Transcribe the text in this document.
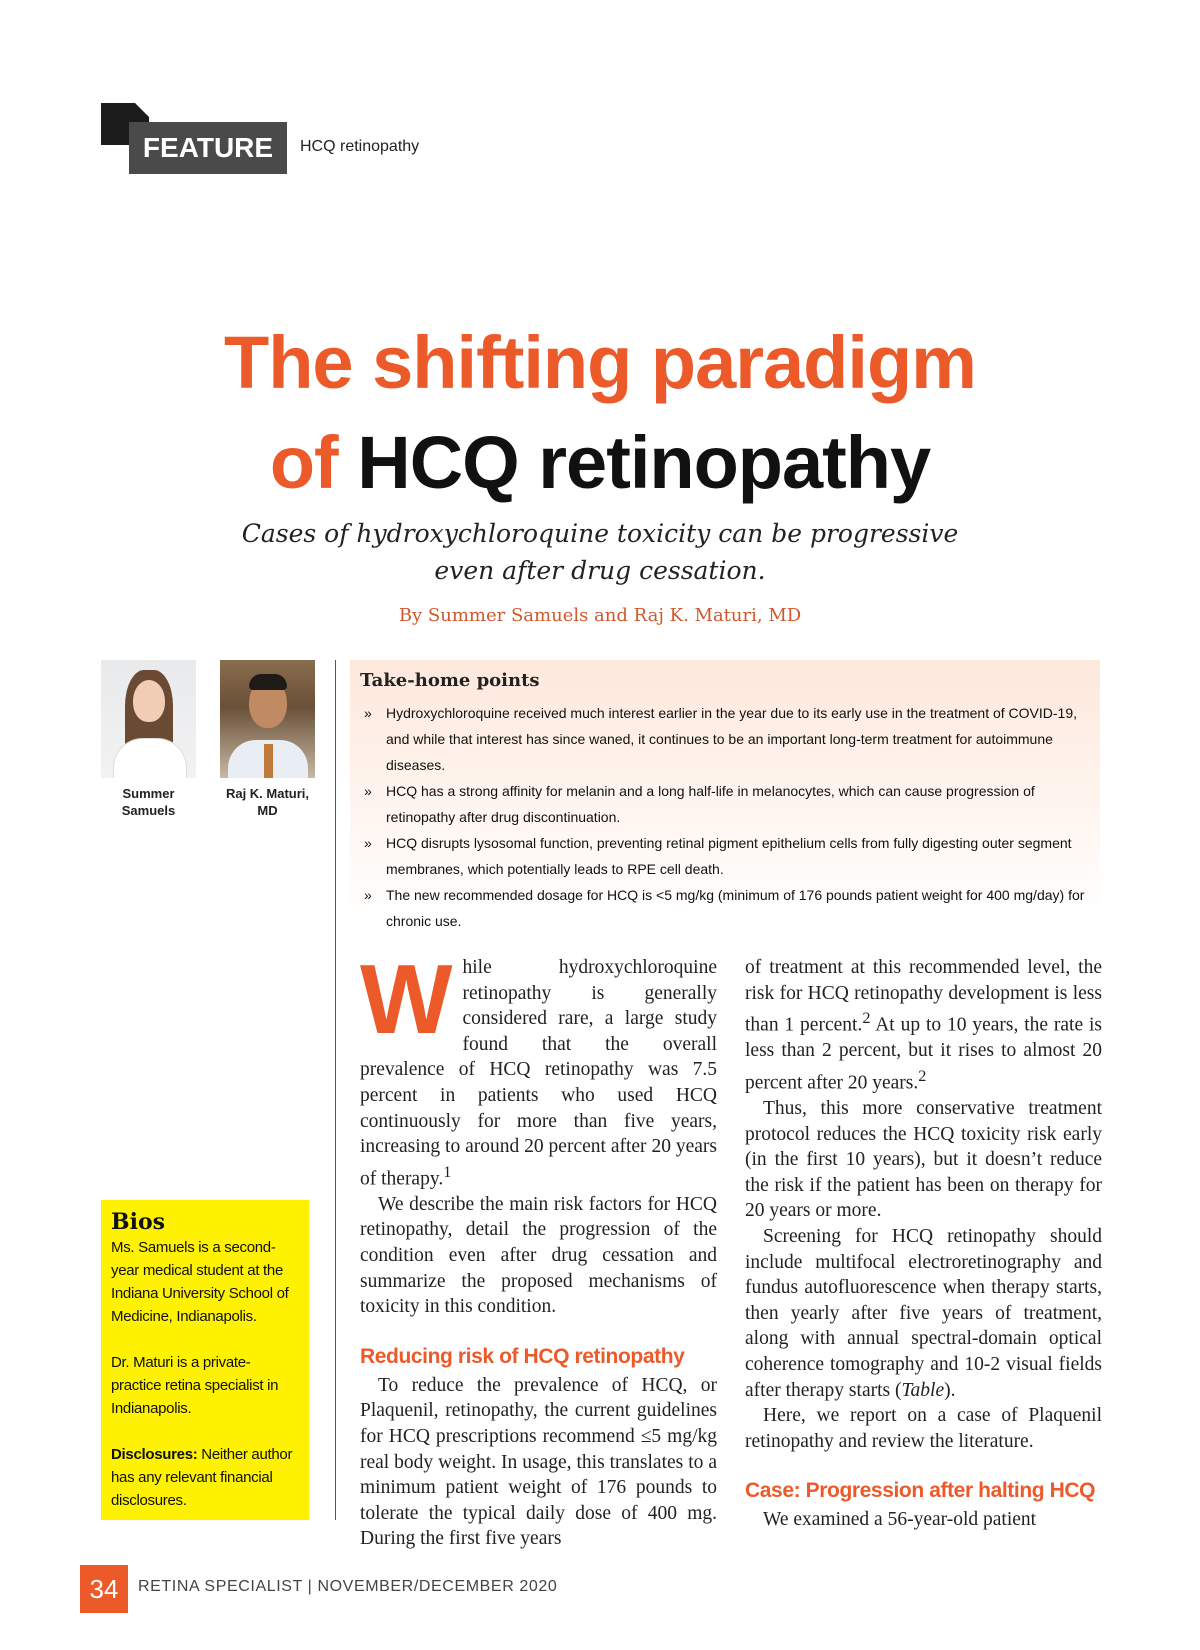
FEATURE	HCQ retinopathy
The shifting paradigm
of HCQ retinopathy
Cases of hydroxychloroquine toxicity can be progressive
even after drug cessation.
By Summer Samuels and Raj K. Maturi, MD
Summer
Samuels
Raj K. Maturi,
MD
Take-home points
» Hydroxychloroquine received much interest earlier in the year due to its early use in the treatment of COVID-19, and while that interest has since waned, it continues to be an important long-term treatment for autoimmune diseases.
» HCQ has a strong affinity for melanin and a long half-life in melanocytes, which can cause progression of retinopathy after drug discontinuation.
» HCQ disrupts lysosomal function, preventing retinal pigment epithelium cells from fully digesting outer segment membranes, which potentially leads to RPE cell death.
» The new recommended dosage for HCQ is <5 mg/kg (minimum of 176 pounds patient weight for 400 mg/day) for chronic use.
Bios

Ms. Samuels is a second-year medical student at the Indiana University School of Medicine, Indianapolis.

Dr. Maturi is a private-practice retina specialist in Indianapolis.

Disclosures: Neither author has any relevant financial disclosures.

While hydroxychloroquine retinopathy is generally considered rare, a large study found that the overall prevalence of HCQ retinopathy was 7.5 percent in patients who used HCQ continuously for more than five years, increasing to around 20 percent after 20 years of therapy.$^1$

We describe the main risk factors for HCQ retinopathy, detail the progression of the condition even after drug cessation and summarize the proposed mechanisms of toxicity in this condition.

Reducing risk of HCQ retinopathy

To reduce the prevalence of HCQ, or Plaquenil, retinopathy, the current guidelines for HCQ prescriptions recommend ≤5 mg/kg real body weight. In usage, this translates to a minimum patient weight of 176 pounds to tolerate the typical daily dose of 400 mg. During the first five years

of treatment at this recommended level, the risk for HCQ retinopathy development is less than 1 percent.$^2$ At up to 10 years, the rate is less than 2 percent, but it rises to almost 20 percent after 20 years.$^2$

Thus, this more conservative treatment protocol reduces the HCQ toxicity risk early (in the first 10 years), but it doesn’t reduce the risk if the patient has been on therapy for 20 years or more.

Screening for HCQ retinopathy should include multifocal electroretinography and fundus autofluorescence when therapy starts, then yearly after five years of treatment, along with annual spectral-domain optical coherence tomography and 10-2 visual fields after therapy starts (Table).

Here, we report on a case of Plaquenil retinopathy and review the literature.

Case: Progression after halting HCQ

We examined a 56-year-old patient

34	RETINA SPECIALIST | NOVEMBER/DECEMBER 2020
